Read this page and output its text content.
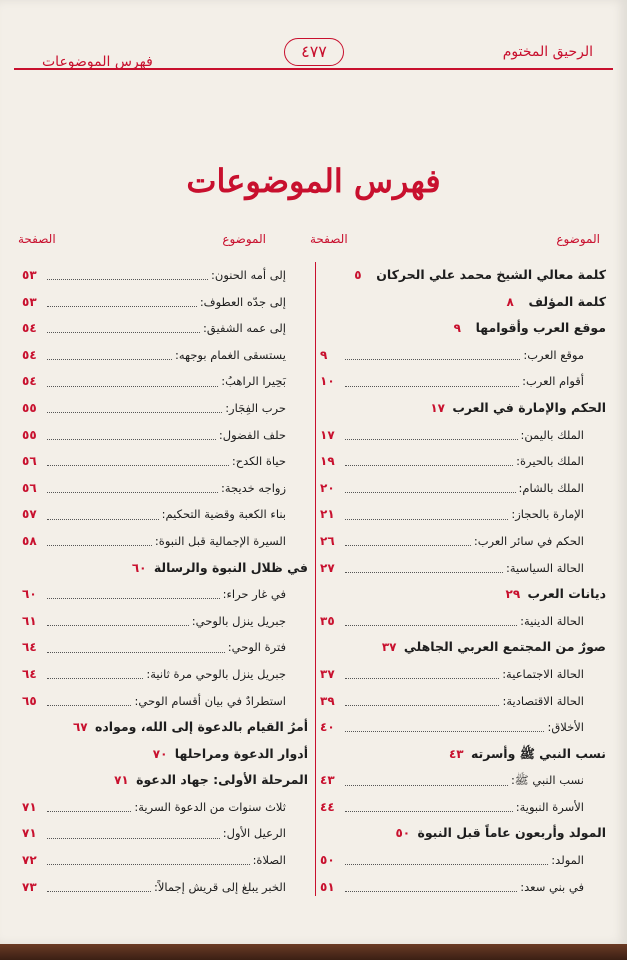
الرحيق المختوم
٤٧٧
فهرس الموضوعات
فهرس الموضوعات
الموضوع
الصفحة
الموضوع
الصفحة
كلمة معالي الشيخ محمد علي الحركان
٥
كلمة المؤلف
٨
موقع العرب وأقوامها
٩
موقع العرب:
٩
أقوام العرب:
١٠
الحكم والإمارة في العرب
١٧
الملك باليمن:
١٧
الملك بالحيرة:
١٩
الملك بالشام:
٢٠
الإمارة بالحجاز:
٢١
الحكم في سائر العرب:
٢٦
الحالة السياسية:
٢٧
ديانات العرب
٢٩
الحالة الدينية:
٣٥
صورٌ من المجتمع العربي الجاهلي
٣٧
الحالة الاجتماعية:
٣٧
الحالة الاقتصادية:
٣٩
الأخلاق:
٤٠
نسب النبي ﷺ وأسرته
٤٣
نسب النبي ﷺ:
٤٣
الأسرة النبوية:
٤٤
المولد وأربعون عاماً قبل النبوة
٥٠
المولد:
٥٠
في بني سعد:
٥١
إلى أمه الحنون:
٥٣
إلى جدّه العطوف:
٥٣
إلى عمه الشفيق:
٥٤
يستسقى الغمام بوجهه:
٥٤
بَحِيرا الراهبُ:
٥٤
حرب الفِجَار:
٥٥
حلف الفضول:
٥٥
حياة الكدح:
٥٦
زواجه خديجة:
٥٦
بناء الكعبة وقضية التحكيم:
٥٧
السيرة الإجمالية قبل النبوة:
٥٨
في ظلال النبوة والرسالة
٦٠
في غار حراء:
٦٠
جبريل ينزل بالوحي:
٦١
فترة الوحي:
٦٤
جبريل ينزل بالوحي مرة ثانية:
٦٤
استطرادٌ في بيان أقسام الوحي:
٦٥
أمرُ القيام بالدعوة إلى الله، ومواده
٦٧
أدوار الدعوة ومراحلها
٧٠
المرحلة الأولى: جهاد الدعوة
٧١
ثلاث سنوات من الدعوة السرية:
٧١
الرعيل الأول:
٧١
الصلاة:
٧٢
الخبر يبلغ إلى قريش إجمالاً:
٧٣
